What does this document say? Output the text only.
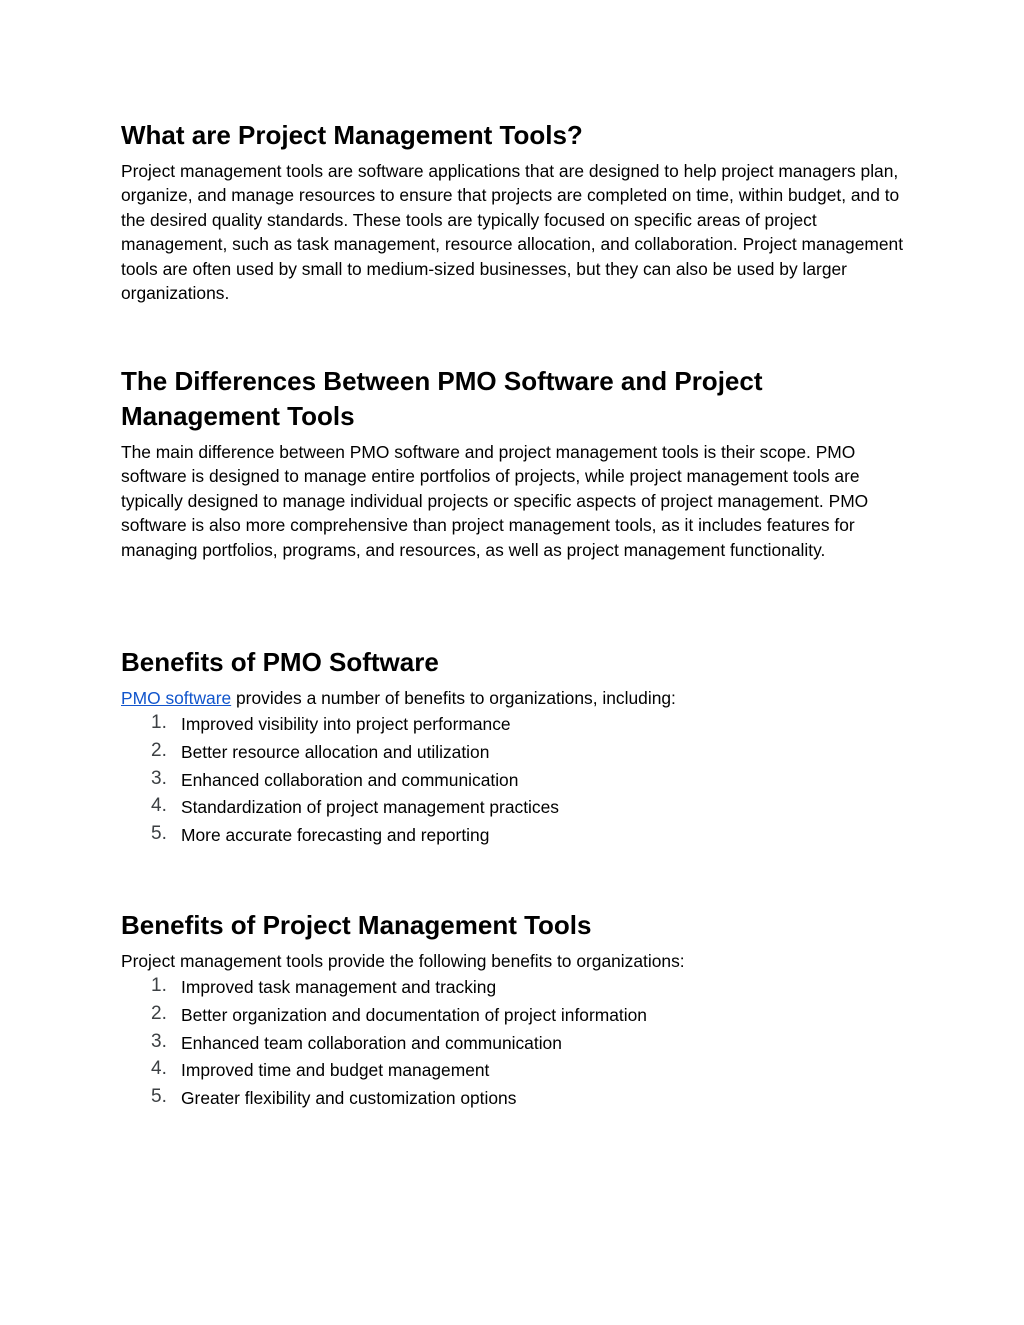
What are Project Management Tools?

Project management tools are software applications that are designed to help project managers plan, organize, and manage resources to ensure that projects are completed on time, within budget, and to the desired quality standards. These tools are typically focused on specific areas of project management, such as task management, resource allocation, and collaboration. Project management tools are often used by small to medium-sized businesses, but they can also be used by larger organizations.

The Differences Between PMO Software and Project Management Tools

The main difference between PMO software and project management tools is their scope. PMO software is designed to manage entire portfolios of projects, while project management tools are typically designed to manage individual projects or specific aspects of project management. PMO software is also more comprehensive than project management tools, as it includes features for managing portfolios, programs, and resources, as well as project management functionality.

Benefits of PMO Software

PMO software provides a number of benefits to organizations, including:

1. Improved visibility into project performance
2. Better resource allocation and utilization
3. Enhanced collaboration and communication
4. Standardization of project management practices
5. More accurate forecasting and reporting
Benefits of Project Management Tools

Project management tools provide the following benefits to organizations:

1. Improved task management and tracking
2. Better organization and documentation of project information
3. Enhanced team collaboration and communication
4. Improved time and budget management
5. Greater flexibility and customization options
